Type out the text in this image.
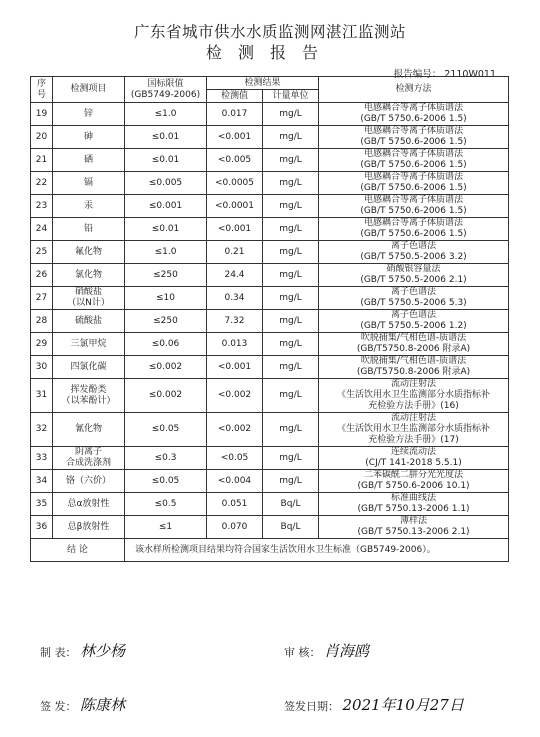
广东省城市供水水质监测网湛江监测站
检测报告
报告编号： 2110W011
序号	检测项目	国标限值
(GB5749-2006)	检测结果		检测方法
			检测值	计量单位	
19	锌	≤1.0	0.017	mg/L	电感耦合等离子体质谱法
(GB/T 5750.6-2006 1.5)

20	砷	≤0.01	<0.001	mg/L	电感耦合等离子体质谱法
(GB/T 5750.6-2006 1.5)

21	硒	≤0.01	<0.005	mg/L	电感耦合等离子体质谱法
(GB/T 5750.6-2006 1.5)

22	镉	≤0.005	<0.0005	mg/L	电感耦合等离子体质谱法
(GB/T 5750.6-2006 1.5)

23	汞	≤0.001	<0.0001	mg/L	电感耦合等离子体质谱法
(GB/T 5750.6-2006 1.5)

24	铅	≤0.01	<0.001	mg/L	电感耦合等离子体质谱法
(GB/T 5750.6-2006 1.5)

25	氟化物	≤1.0	0.21	mg/L	离子色谱法
(GB/T 5750.5-2006 3.2)

26	氯化物	≤250	24.4	mg/L	硝酸银容量法
(GB/T 5750.5-2006 2.1)

27	硝酸盐
（以N计）	≤10	0.34	mg/L	离子色谱法
(GB/T 5750.5-2006 5.3)

28	硫酸盐	≤250	7.32	mg/L	离子色谱法
(GB/T 5750.5-2006 1.2)

29	三氯甲烷	≤0.06	0.013	mg/L	吹脱捕集/气相色谱-质谱法
(GB/T5750.8-2006 附录A)

30	四氯化碳	≤0.002	<0.001	mg/L	吹脱捕集/气相色谱-质谱法
(GB/T5750.8-2006 附录A)

31	挥发酚类
（以苯酚计）	≤0.002	<0.002	mg/L	流动注射法
《生活饮用水卫生监测部分水质指标补
充检验方法手册》(16)

32	氰化物	≤0.05	<0.002	mg/L	流动注射法
《生活饮用水卫生监测部分水质指标补
充检验方法手册》(17)

33	阴离子
合成洗涤剂	≤0.3	<0.05	mg/L	连续流动法
(CJ/T 141-2018 5.5.1)

34	铬（六价）	≤0.05	<0.004	mg/L	二苯碳酰二肼分光光度法
(GB/T 5750.6-2006 10.1)

35	总α放射性	≤0.5	0.051	Bq/L	标准曲线法
(GB/T 5750.13-2006 1.1)

36	总β放射性	≤1	0.070	Bq/L	薄样法
(GB/T 5750.13-2006 2.1)

结 论		该水样所检测项目结果均符合国家生活饮用水卫生标准（GB5749-2006）。			
制 表： 林少杨	审 核： 肖海鸥
签 发： 陈康林	签发日期： 2021年10月27日
